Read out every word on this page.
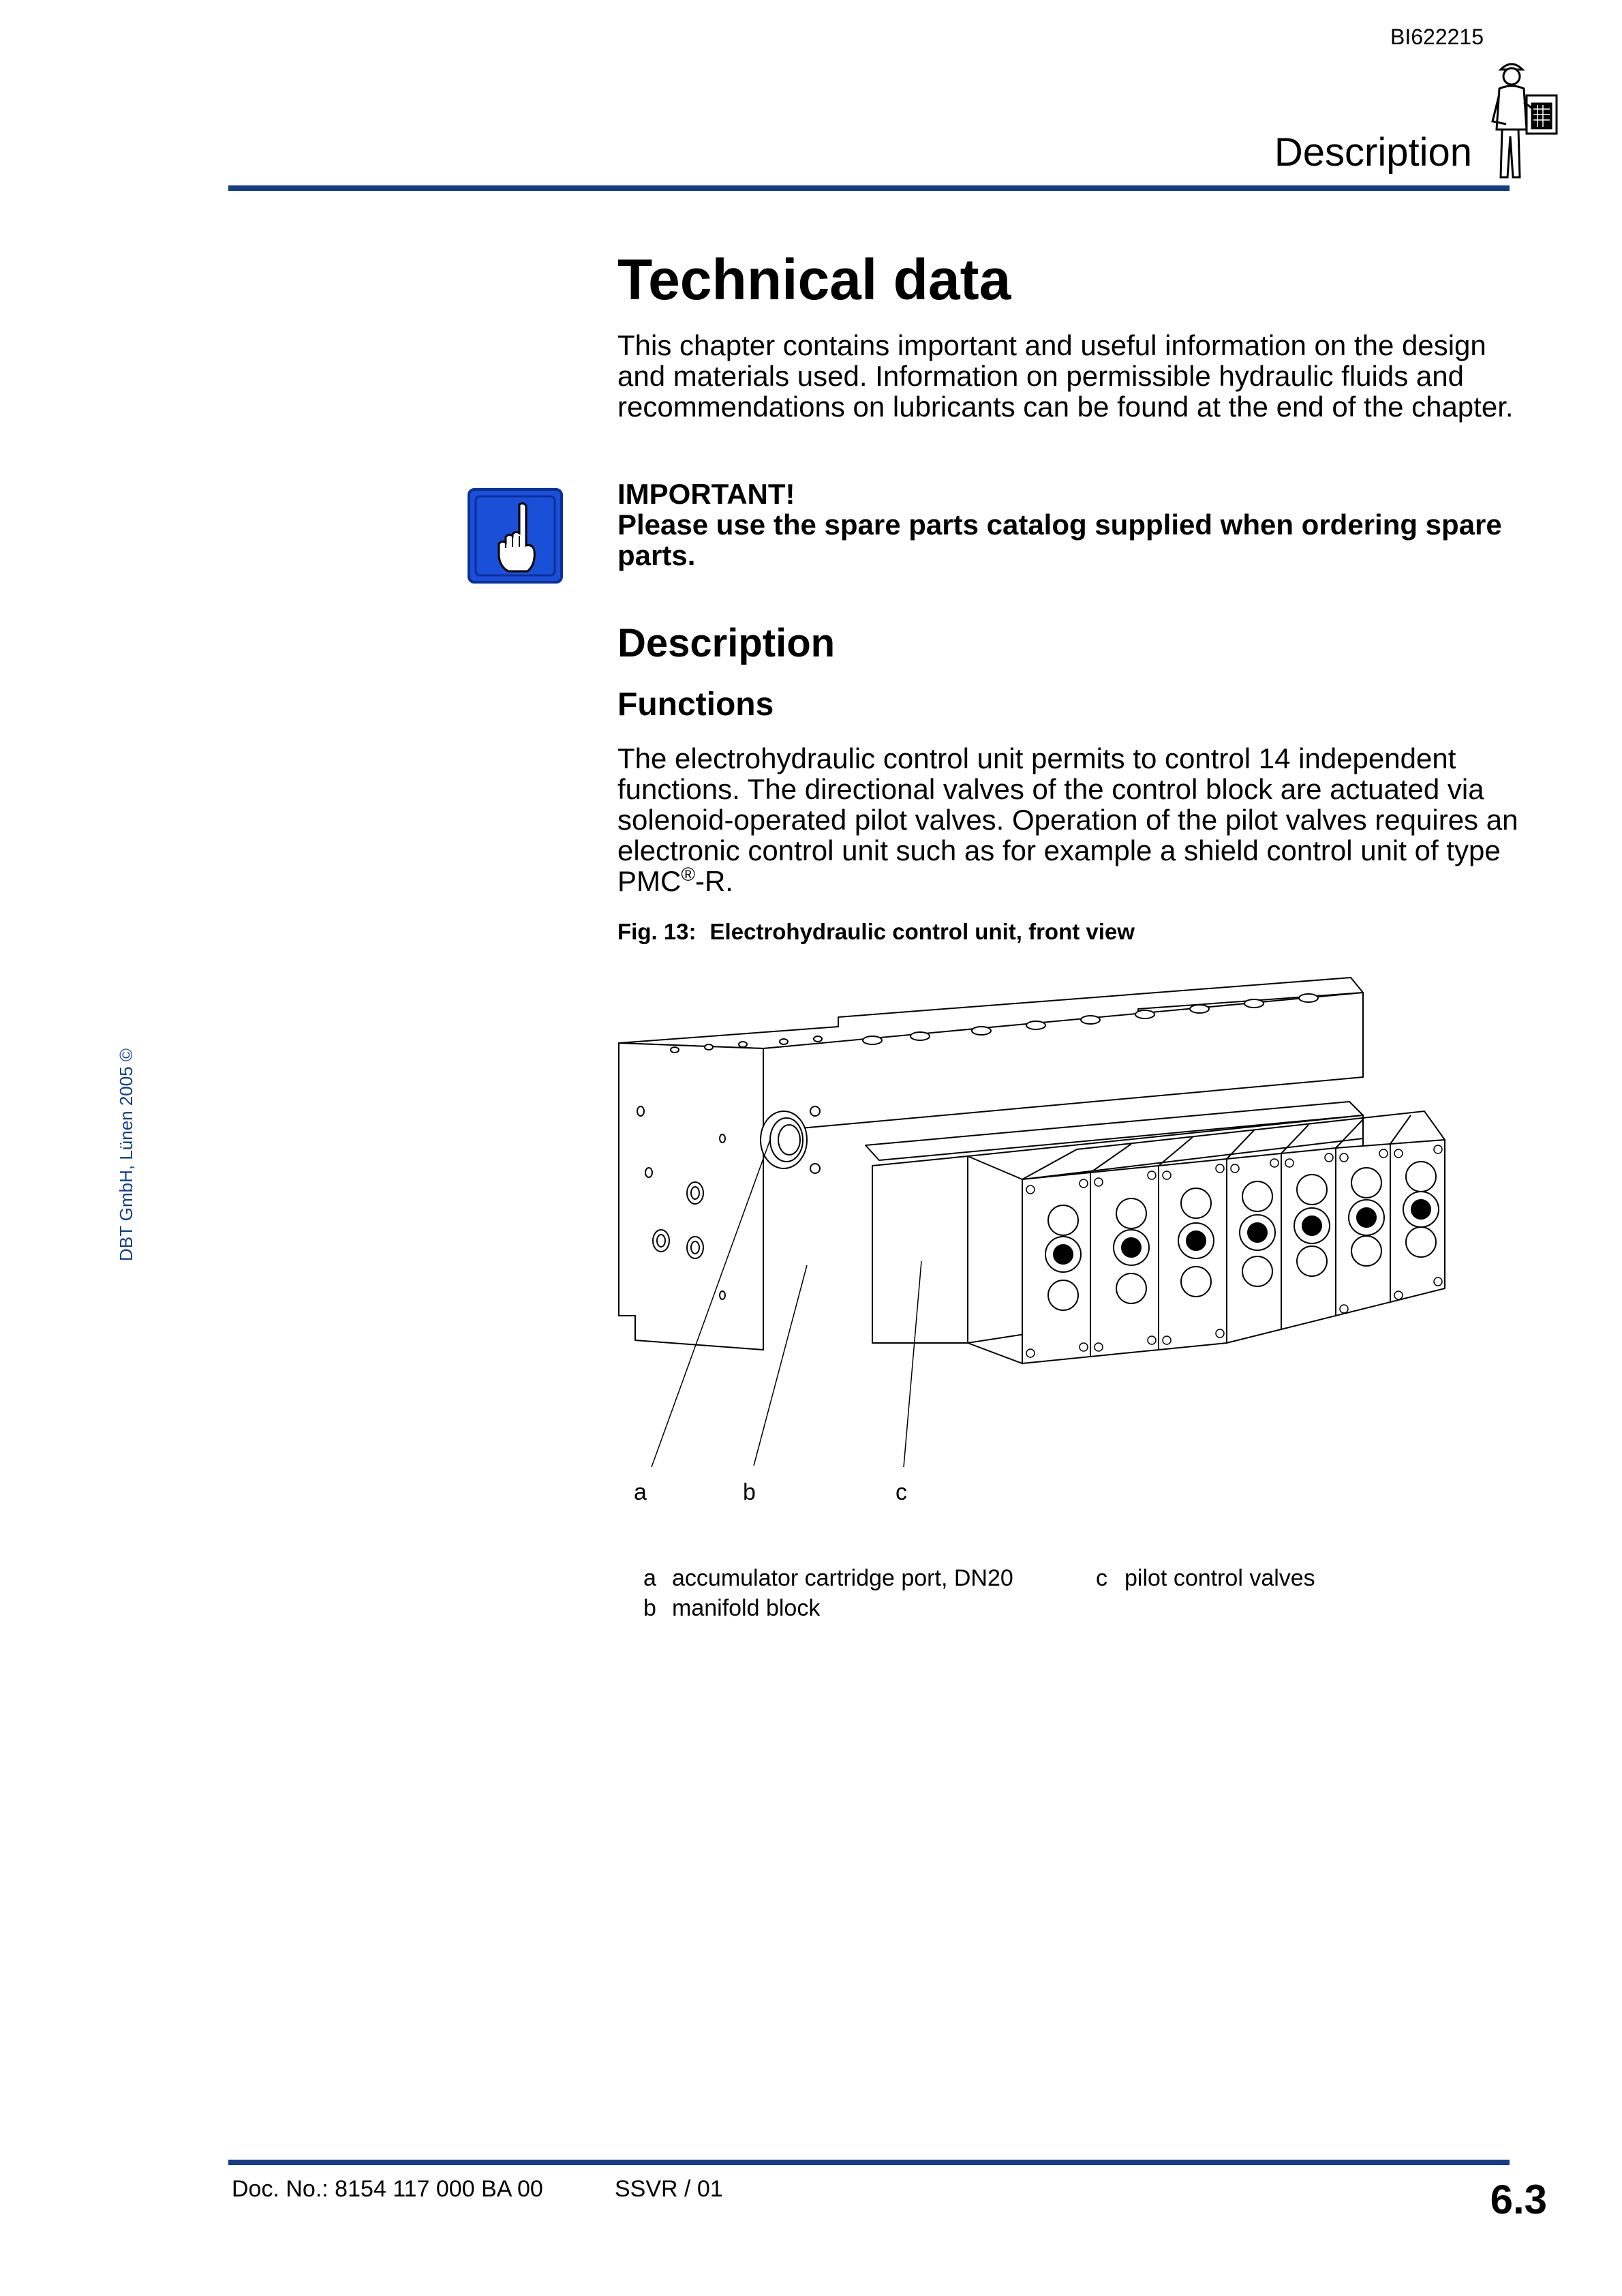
BI622215
Description
DBT GmbH, Lünen 2005 ©
Technical data
This chapter contains important and useful information on the design and materials used. Information on permissible hydraulic fluids and recommendations on lubricants can be found at the end of the chapter.
IMPORTANT!
Please use the spare parts catalog supplied when ordering spare parts.
Description
Functions
The electrohydraulic control unit permits to control 14 independent functions. The directional valves of the control block are actuated via solenoid-operated pilot valves. Operation of the pilot valves requires an electronic control unit such as for example a shield control unit of type PMC®-R.
Fig. 13: Electrohydraulic control unit, front view
a	b	c
a accumulator cartridge port, DN20
b manifold block
c pilot control valves
Doc. No.: 8154 117 000 BA 00	SSVR / 01	6.3
